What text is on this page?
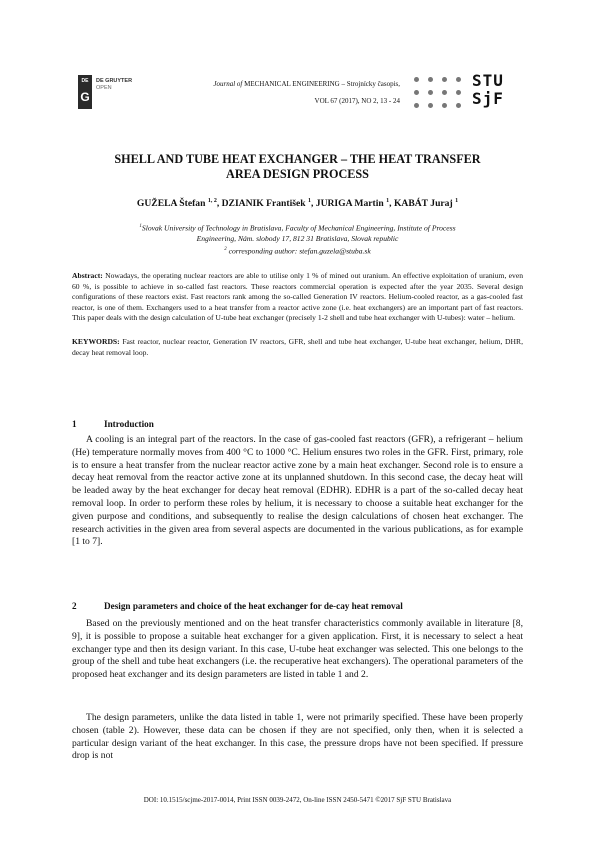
DE
G
DE GRUYTER
OPEN	Journal of MECHANICAL ENGINEERING – Strojnícky časopis,
VOL 67 (2017), NO 2, 13 - 24
STU
SjF
SHELL AND TUBE HEAT EXCHANGER – THE HEAT TRANSFER
AREA DESIGN PROCESS
GUŽELA Štefan $^{1, 2}$, DZIANIK František $^1$, JURIGA Martin $^1$, KABÁT Juraj $^1$
$^1$Slovak University of Technology in Bratislava, Faculty of Mechanical Engineering, Institute of Process
Engineering, Nám. slobody 17, 812 31 Bratislava, Slovak republic
$^2$ corresponding author: stefan.guzela@stuba.sk
Abstract: Nowadays, the operating nuclear reactors are able to utilise only 1 % of mined out uranium. An effective exploitation of uranium, even 60 %, is possible to achieve in so-called fast reactors. These reactors commercial operation is expected after the year 2035. Several design configurations of these reactors exist. Fast reactors rank among the so-called Generation IV reactors. Helium-cooled reactor, as a gas-cooled fast reactor, is one of them. Exchangers used to a heat transfer from a reactor active zone (i.e. heat exchangers) are an important part of fast reactors. This paper deals with the design calculation of U-tube heat exchanger (precisely 1-2 shell and tube heat exchanger with U-tubes): water – helium.
KEYWORDS: Fast reactor, nuclear reactor, Generation IV reactors, GFR, shell and tube heat exchanger, U-tube heat exchanger, helium, DHR, decay heat removal loop.
1	Introduction

A cooling is an integral part of the reactors. In the case of gas-cooled fast reactors (GFR), a refrigerant – helium (He) temperature normally moves from 400 °C to 1000 °C. Helium ensures two roles in the GFR. First, primary, role is to ensure a heat transfer from the nuclear reactor active zone by a main heat exchanger. Second role is to ensure a decay heat removal from the reactor active zone at its unplanned shutdown. In this second case, the decay heat will be leaded away by the heat exchanger for decay heat removal (EDHR). EDHR is a part of the so-called decay heat removal loop. In order to perform these roles by helium, it is necessary to choose a suitable heat exchanger for the given purpose and conditions, and subsequently to realise the design calculations of chosen heat exchanger. The research activities in the given area from several aspects are documented in the various publications, as for example [1 to 7].

2	Design parameters and choice of the heat exchanger for de-cay heat removal

Based on the previously mentioned and on the heat transfer characteristics commonly available in literature [8, 9], it is possible to propose a suitable heat exchanger for a given application. First, it is necessary to select a heat exchanger type and then its design variant. In this case, U-tube heat exchanger was selected. This one belongs to the group of the shell and tube heat exchangers (i.e. the recuperative heat exchangers). The operational parameters of the proposed heat exchanger and its design parameters are listed in table 1 and 2.

The design parameters, unlike the data listed in table 1, were not primarily specified. These have been properly chosen (table 2). However, these data can be chosen if they are not specified, only then, when it is selected a particular design variant of the heat exchanger. In this case, the pressure drops have not been specified. If pressure drop is not

DOI: 10.1515/scjme-2017-0014, Print ISSN 0039-2472, On-line ISSN 2450-5471 ©2017 SjF STU Bratislava
